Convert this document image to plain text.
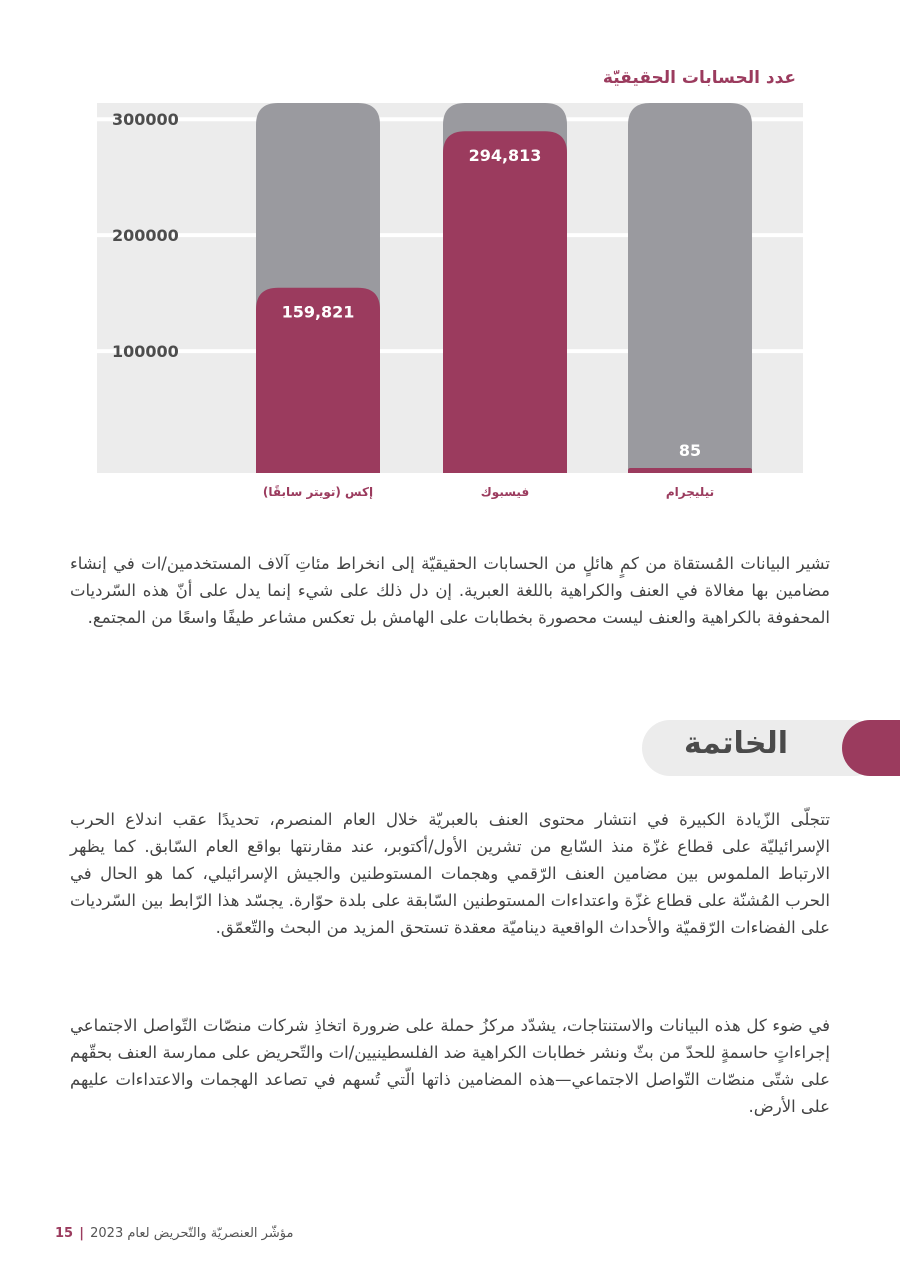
عدد الحسابات الحقيقيّة
100000
200000
300000
159,821
294,813
85
إكس (تويتر سابقًا)	فيسبوك	تيليجرام

تشير البيانات المُستقاة من كمٍ هائلٍ من الحسابات الحقيقيّة إلى انخراط مئاتِ آلاف المستخدمين/ات في إنشاء مضامين بها مغالاة في العنف والكراهية باللغة العبرية. إن دل ذلك على شيء إنما يدل على أنّ هذه السّرديات المحفوفة بالكراهية والعنف ليست محصورة بخطابات على الهامش بل تعكس مشاعر طيفًا واسعًا من المجتمع.

الخاتمة

تتجلّى الزّيادة الكبيرة في انتشار محتوى العنف بالعبريّة خلال العام المنصرم، تحديدًا عقب اندلاع الحرب الإسرائيليّة على قطاع غزّة منذ السّابع من تشرين الأول/أكتوبر، عند مقارنتها بواقع العام السّابق. كما يظهر الارتباط الملموس بين مضامين العنف الرّقمي وهجمات المستوطنين والجيش الإسرائيلي، كما هو الحال في الحرب المُشنّة على قطاع غزّة واعتداءات المستوطنين السّابقة على بلدة حوّارة. يجسّد هذا الرّابط بين السّرديات على الفضاءات الرّقميّة والأحداث الواقعية ديناميّة معقدة تستحق المزيد من البحث والتّعمّق.

في ضوء كل هذه البيانات والاستنتاجات، يشدّد مركزُ حملة على ضرورة اتخاذِ شركات منصّات التّواصل الاجتماعي إجراءاتٍ حاسمةٍ للحدّ من بثّ ونشر خطابات الكراهية ضد الفلسطينيين/ات والتّحريض على ممارسة العنف بحقّهم على شتّى منصّات التّواصل الاجتماعي—هذه المضامين ذاتها الّتي تُسهم في تصاعد الهجمات والاعتداءات عليهم على الأرض.

مؤشّر العنصريّة والتّحريض لعام 2023 | 15
